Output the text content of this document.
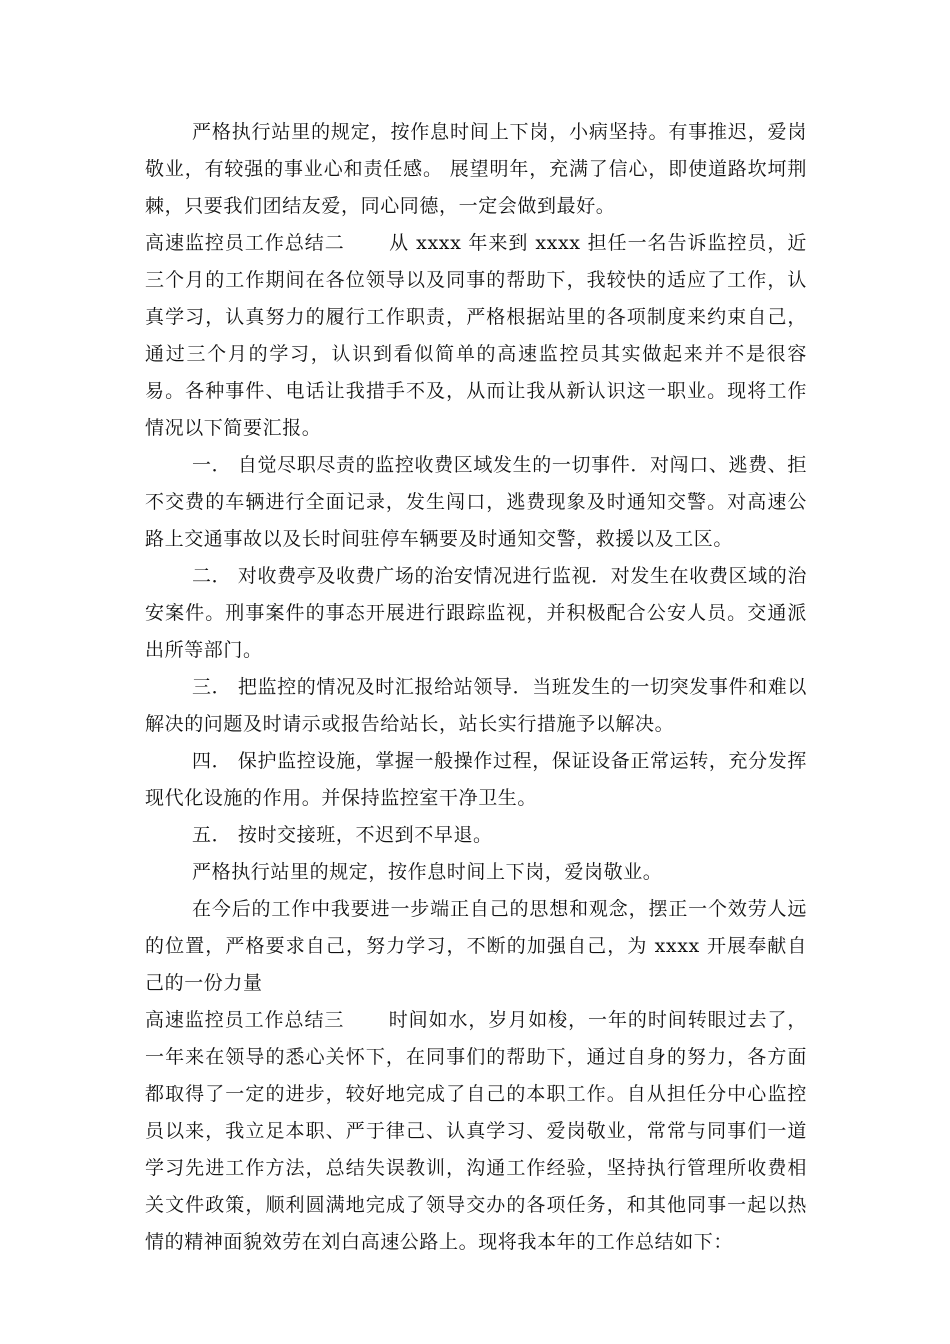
严格执行站里的规定，按作息时间上下岗，小病坚持。有事推迟，爱岗敬业，有较强的事业心和责任感。 展望明年，充满了信心，即使道路坎坷荆棘，只要我们团结友爱，同心同德，一定会做到最好。

高速监控员工作总结二 从 xxxx 年来到 xxxx 担任一名告诉监控员，近三个月的工作期间在各位领导以及同事的帮助下，我较快的适应了工作，认真学习，认真努力的履行工作职责，严格根据站里的各项制度来约束自己，通过三个月的学习，认识到看似简单的高速监控员其实做起来并不是很容易。各种事件、电话让我措手不及，从而让我从新认识这一职业。现将工作情况以下简要汇报。

一． 自觉尽职尽责的监控收费区域发生的一切事件．对闯口、逃费、拒不交费的车辆进行全面记录，发生闯口，逃费现象及时通知交警。对高速公路上交通事故以及长时间驻停车辆要及时通知交警，救援以及工区。

二． 对收费亭及收费广场的治安情况进行监视．对发生在收费区域的治安案件。刑事案件的事态开展进行跟踪监视，并积极配合公安人员。交通派出所等部门。

三． 把监控的情况及时汇报给站领导．当班发生的一切突发事件和难以解决的问题及时请示或报告给站长，站长实行措施予以解决。

四． 保护监控设施，掌握一般操作过程，保证设备正常运转，充分发挥现代化设施的作用。并保持监控室干净卫生。

五． 按时交接班，不迟到不早退。

严格执行站里的规定，按作息时间上下岗，爱岗敬业。

在今后的工作中我要进一步端正自己的思想和观念，摆正一个效劳人远的位置，严格要求自己，努力学习，不断的加强自己，为 xxxx 开展奉献自己的一份力量

高速监控员工作总结三 时间如水，岁月如梭，一年的时间转眼过去了，一年来在领导的悉心关怀下，在同事们的帮助下，通过自身的努力，各方面都取得了一定的进步，较好地完成了自己的本职工作。自从担任分中心监控员以来，我立足本职、严于律己、认真学习、爱岗敬业，常常与同事们一道学习先进工作方法，总结失误教训，沟通工作经验，坚持执行管理所收费相关文件政策，顺利圆满地完成了领导交办的各项任务，和其他同事一起以热情的精神面貌效劳在刘白高速公路上。现将我本年的工作总结如下：
